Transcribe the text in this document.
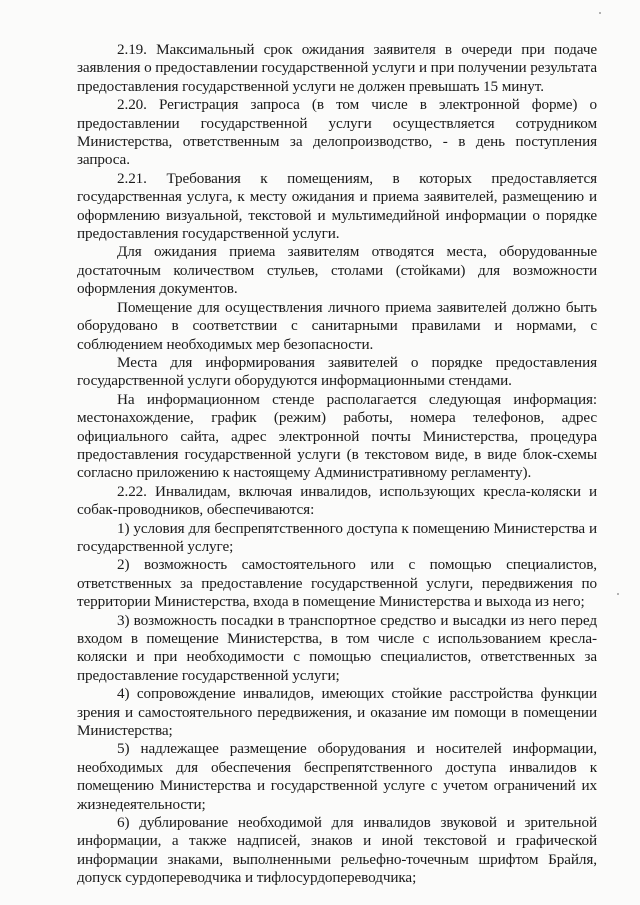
2.19. Максимальный срок ожидания заявителя в очереди при подаче заявления о предоставлении государственной услуги и при получении результата предоставления государственной услуги не должен превышать 15 минут.

2.20. Регистрация запроса (в том числе в электронной форме) о предоставлении государственной услуги осуществляется сотрудником Министерства, ответственным за делопроизводство, - в день поступления запроса.

2.21. Требования к помещениям, в которых предоставляется государственная услуга, к месту ожидания и приема заявителей, размещению и оформлению визуальной, текстовой и мультимедийной информации о порядке предоставления государственной услуги.

Для ожидания приема заявителям отводятся места, оборудованные достаточным количеством стульев, столами (стойками) для возможности оформления документов.

Помещение для осуществления личного приема заявителей должно быть оборудовано в соответствии с санитарными правилами и нормами, с соблюдением необходимых мер безопасности.

Места для информирования заявителей о порядке предоставления государственной услуги оборудуются информационными стендами.

На информационном стенде располагается следующая информация: местонахождение, график (режим) работы, номера телефонов, адрес официального сайта, адрес электронной почты Министерства, процедура предоставления государственной услуги (в текстовом виде, в виде блок-схемы согласно приложению к настоящему Административному регламенту).

2.22. Инвалидам, включая инвалидов, использующих кресла-коляски и собак-проводников, обеспечиваются:

1) условия для беспрепятственного доступа к помещению Министерства и государственной услуге;

2) возможность самостоятельного или с помощью специалистов, ответственных за предоставление государственной услуги, передвижения по территории Министерства, входа в помещение Министерства и выхода из него;

3) возможность посадки в транспортное средство и высадки из него перед входом в помещение Министерства, в том числе с использованием кресла-коляски и при необходимости с помощью специалистов, ответственных за предоставление государственной услуги;

4) сопровождение инвалидов, имеющих стойкие расстройства функции зрения и самостоятельного передвижения, и оказание им помощи в помещении Министерства;

5) надлежащее размещение оборудования и носителей информации, необходимых для обеспечения беспрепятственного доступа инвалидов к помещению Министерства и государственной услуге с учетом ограничений их жизнедеятельности;

6) дублирование необходимой для инвалидов звуковой и зрительной информации, а также надписей, знаков и иной текстовой и графической информации знаками, выполненными рельефно-точечным шрифтом Брайля, допуск сурдопереводчика и тифлосурдопереводчика;
